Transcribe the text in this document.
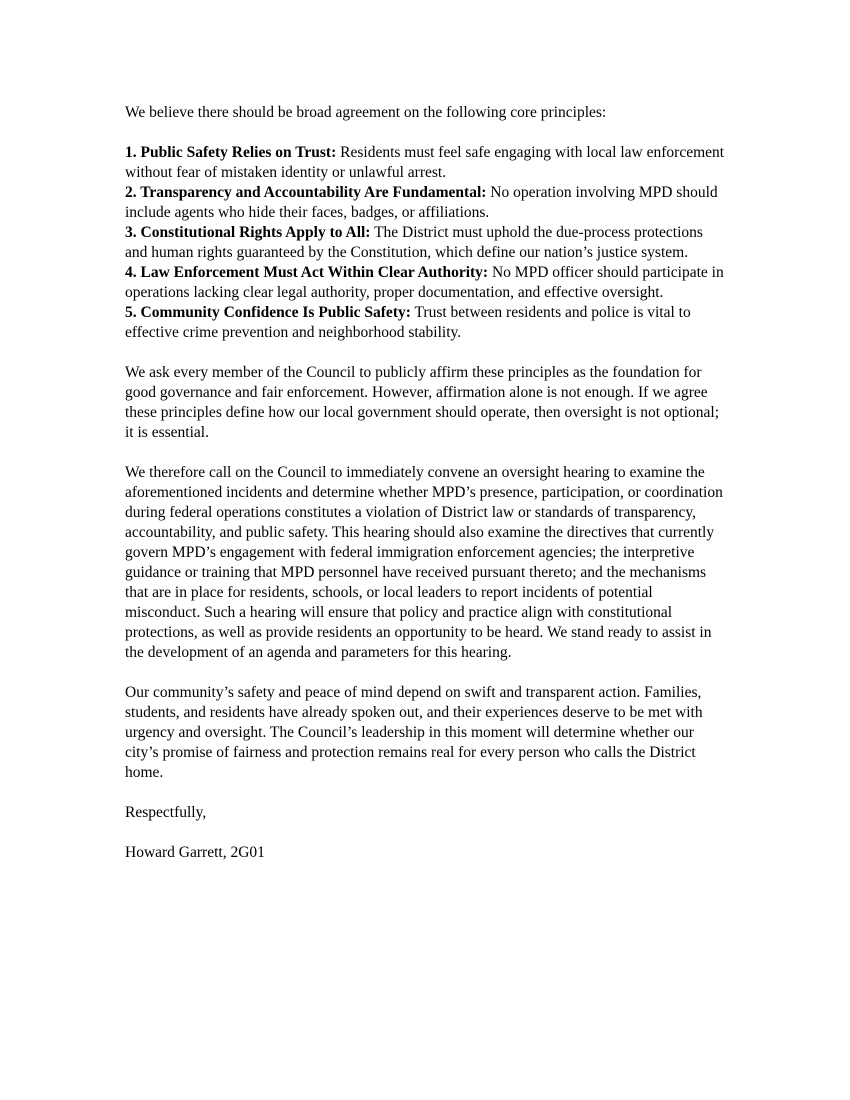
We believe there should be broad agreement on the following core principles:

1. Public Safety Relies on Trust: Residents must feel safe engaging with local law enforcement without fear of mistaken identity or unlawful arrest.

2. Transparency and Accountability Are Fundamental: No operation involving MPD should include agents who hide their faces, badges, or affiliations.

3. Constitutional Rights Apply to All: The District must uphold the due-process protections and human rights guaranteed by the Constitution, which define our nation’s justice system.

4. Law Enforcement Must Act Within Clear Authority: No MPD officer should participate in operations lacking clear legal authority, proper documentation, and effective oversight.

5. Community Confidence Is Public Safety: Trust between residents and police is vital to effective crime prevention and neighborhood stability.

We ask every member of the Council to publicly affirm these principles as the foundation for good governance and fair enforcement. However, affirmation alone is not enough. If we agree these principles define how our local government should operate, then oversight is not optional; it is essential.

We therefore call on the Council to immediately convene an oversight hearing to examine the aforementioned incidents and determine whether MPD’s presence, participation, or coordination during federal operations constitutes a violation of District law or standards of transparency, accountability, and public safety. This hearing should also examine the directives that currently govern MPD’s engagement with federal immigration enforcement agencies; the interpretive guidance or training that MPD personnel have received pursuant thereto; and the mechanisms that are in place for residents, schools, or local leaders to report incidents of potential misconduct. Such a hearing will ensure that policy and practice align with constitutional protections, as well as provide residents an opportunity to be heard. We stand ready to assist in the development of an agenda and parameters for this hearing.

Our community’s safety and peace of mind depend on swift and transparent action. Families, students, and residents have already spoken out, and their experiences deserve to be met with urgency and oversight. The Council’s leadership in this moment will determine whether our city’s promise of fairness and protection remains real for every person who calls the District home.

Respectfully,

Howard Garrett, 2G01
